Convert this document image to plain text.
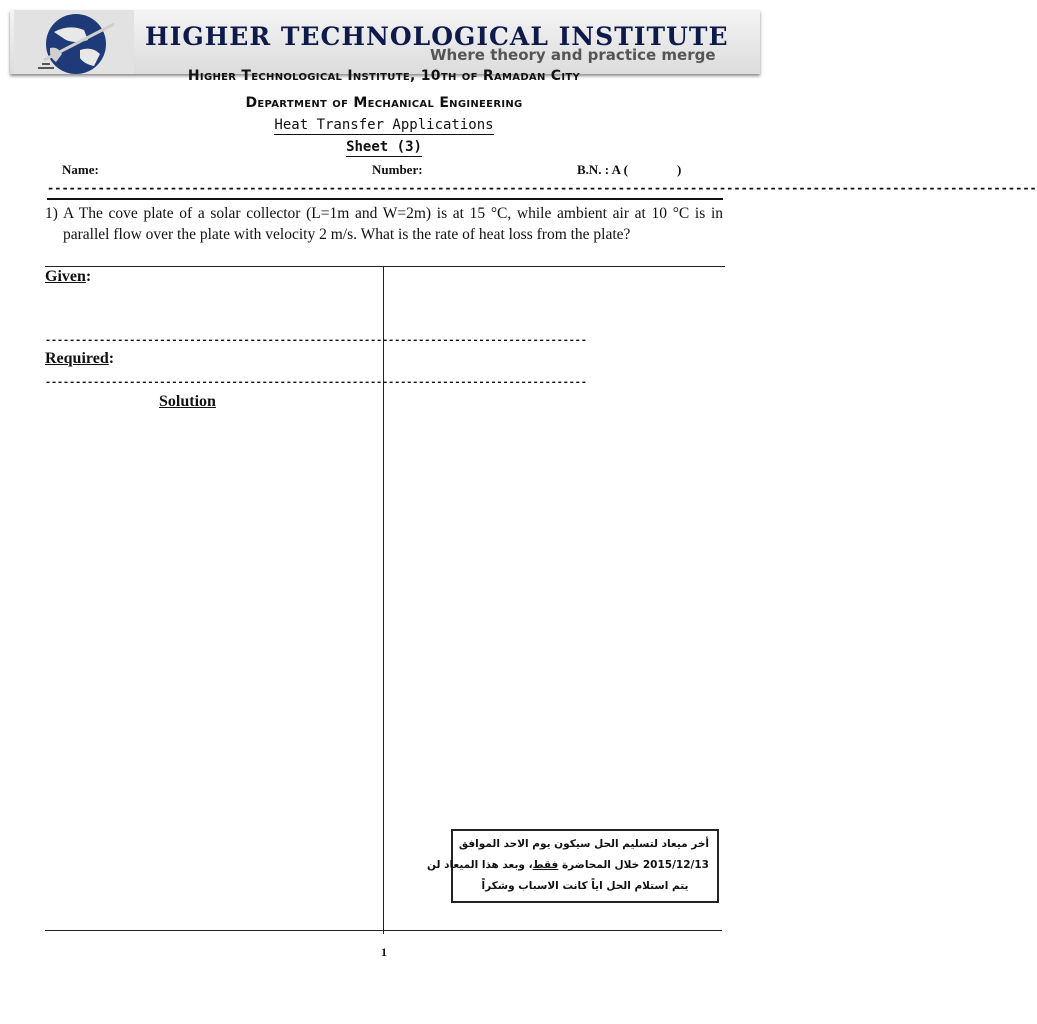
HIGHER TECHNOLOGICAL INSTITUTE
Where theory and practice merge
Higher Technological Institute, 10th of Ramadan City
Department of Mechanical Engineering
Heat Transfer Applications
Sheet (3)
Name:	Number:	B.N. : A (	)
-----------------------------------------------------------------------------------------------------------------------------------------
1) A The cove plate of a solar collector (L=1m and W=2m) is at 15 °C, while ambient air at 10 °C is in parallel flow over the plate with velocity 2 m/s. What is the rate of heat loss from the plate?
Given:
------------------------------------------------------------------------------------------
Required:
------------------------------------------------------------------------------------------
Solution
أخر ميعاد لتسليم الحل سيكون يوم الاحد الموافق
2015/12/13 خلال المحاضرة فقط، وبعد هذا الميعاد لن
يتم استلام الحل اياً كانت الاسباب وشكراً
1
